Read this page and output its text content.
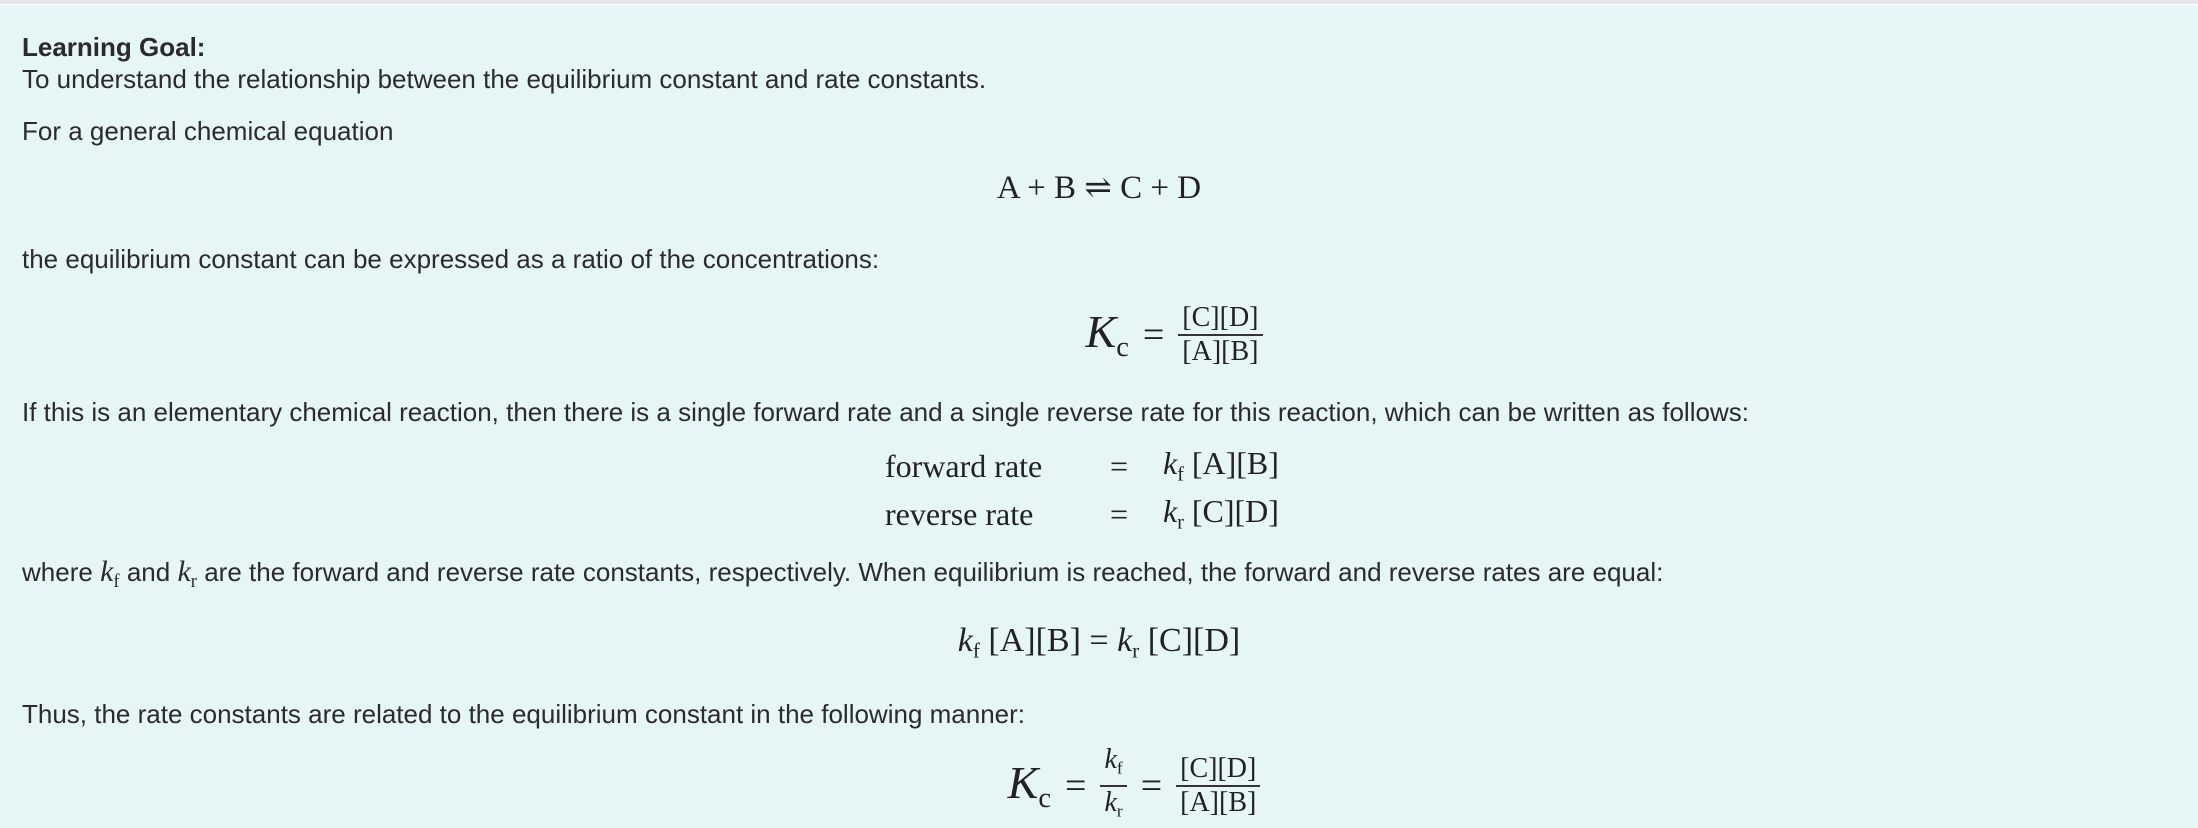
Learning Goal:

To understand the relationship between the equilibrium constant and rate constants.

For a general chemical equation

A + B ⇌ C + D

the equilibrium constant can be expressed as a ratio of the concentrations:

$K_c = \frac{[C][D]}{[A][B]}$

If this is an elementary chemical reaction, then there is a single forward rate and a single reverse rate for this reaction, which can be written as follows:

forward rate	=	$k_f$ [A][B]
reverse rate	=	$k_r$ [C][D]

where $k_f$ and $k_r$ are the forward and reverse rate constants, respectively. When equilibrium is reached, the forward and reverse rates are equal:

$k_f$ $[A][B] = k_r$ [C][D]

Thus, the rate constants are related to the equilibrium constant in the following manner:

$K_c = \frac{k_f}{k_r} = \frac{[C][D]}{[A][B]}$
